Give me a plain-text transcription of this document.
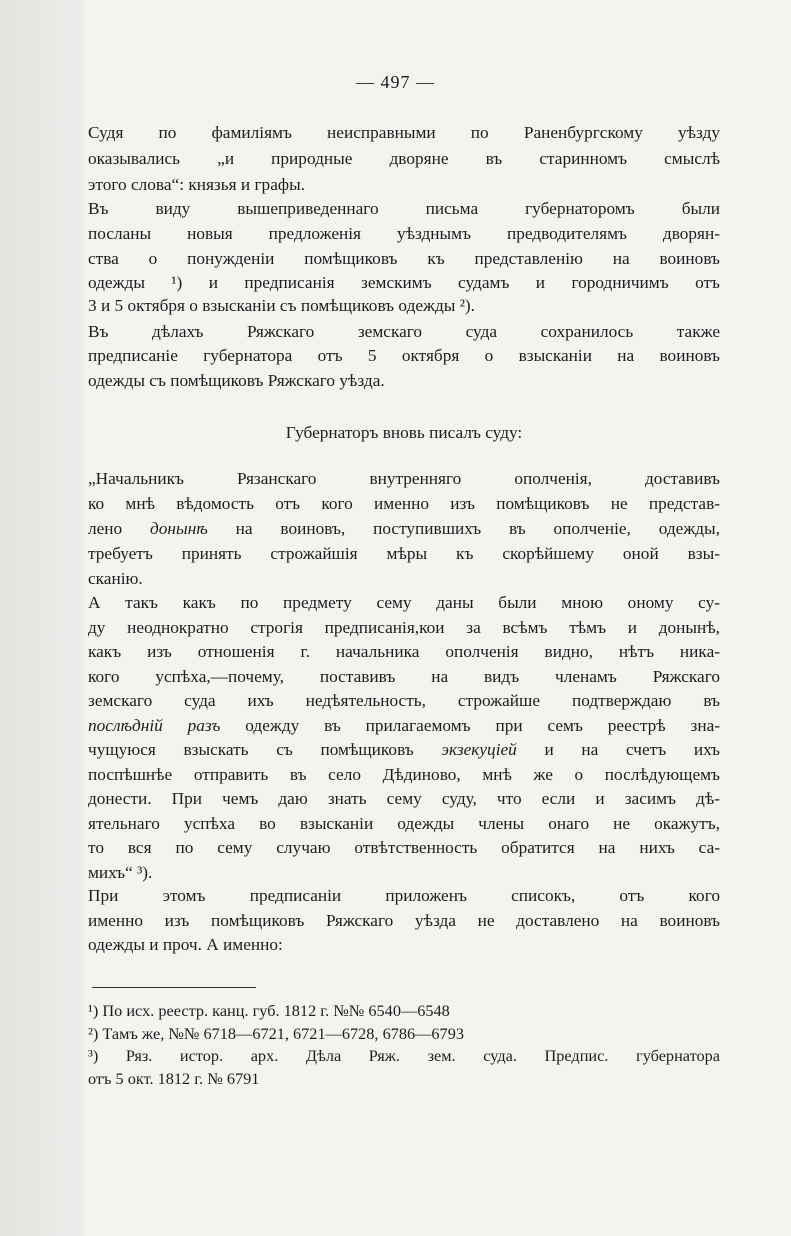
— 497 —
Судя по фамиліямъ неисправными по Раненбургскому уѣзду
оказывались „и природные дворяне въ старинномъ смыслѣ
этого слова“: князья и графы.
Въ виду вышеприведеннаго письма губернаторомъ были
посланы новыя предложенія уѣзднымъ предводителямъ дворян-
ства о понужденіи помѣщиковъ къ представленію на воиновъ
одежды ¹) и предписанія земскимъ судамъ и городничимъ отъ
3 и 5 октября о взысканіи съ помѣщиковъ одежды ²).
Въ дѣлахъ Ряжскаго земскаго суда сохранилось также
предписаніе губернатора отъ 5 октября о взысканіи на воиновъ
одежды съ помѣщиковъ Ряжскаго уѣзда.
Губернаторъ вновь писалъ суду:
„Начальникъ Рязанскаго внутренняго ополченія, доставивъ
ко мнѣ вѣдомость отъ кого именно изъ помѣщиковъ не представ-
лено донынѣ на воиновъ, поступившихъ въ ополченіе, одежды,
требуетъ принять строжайшія мѣры къ скорѣйшему оной взы-
сканію.
А такъ какъ по предмету сему даны были мною оному су-
ду неоднократно строгія предписанія,кои за всѣмъ тѣмъ и донынѣ,
какъ изъ отношенія г. начальника ополченія видно, нѣтъ ника-
кого успѣха,—почему, поставивъ на видъ членамъ Ряжскаго
земскаго суда ихъ недѣятельность, строжайше подтверждаю въ
послѣдній разъ одежду въ прилагаемомъ при семъ реестрѣ зна-
чущуюся взыскать съ помѣщиковъ экзекуціей и на счетъ ихъ
поспѣшнѣе отправить въ село Дѣдиново, мнѣ же о послѣдующемъ
донести. При чемъ даю знать сему суду, что если и засимъ дѣ-
ятельнаго успѣха во взысканіи одежды члены онаго не окажутъ,
то вся по сему случаю отвѣтственность обратится на нихъ са-
михъ“ ³).
При этомъ предписаніи приложенъ списокъ, отъ кого
именно изъ помѣщиковъ Ряжскаго уѣзда не доставлено на воиновъ
одежды и проч. А именно:
¹) По исх. реестр. канц. губ. 1812 г. №№ 6540—6548
²) Тамъ же, №№ 6718—6721, 6721—6728, 6786—6793
³) Ряз. истор. арх. Дѣла Ряж. зем. суда. Предпис. губернатора
отъ 5 окт. 1812 г. № 6791
